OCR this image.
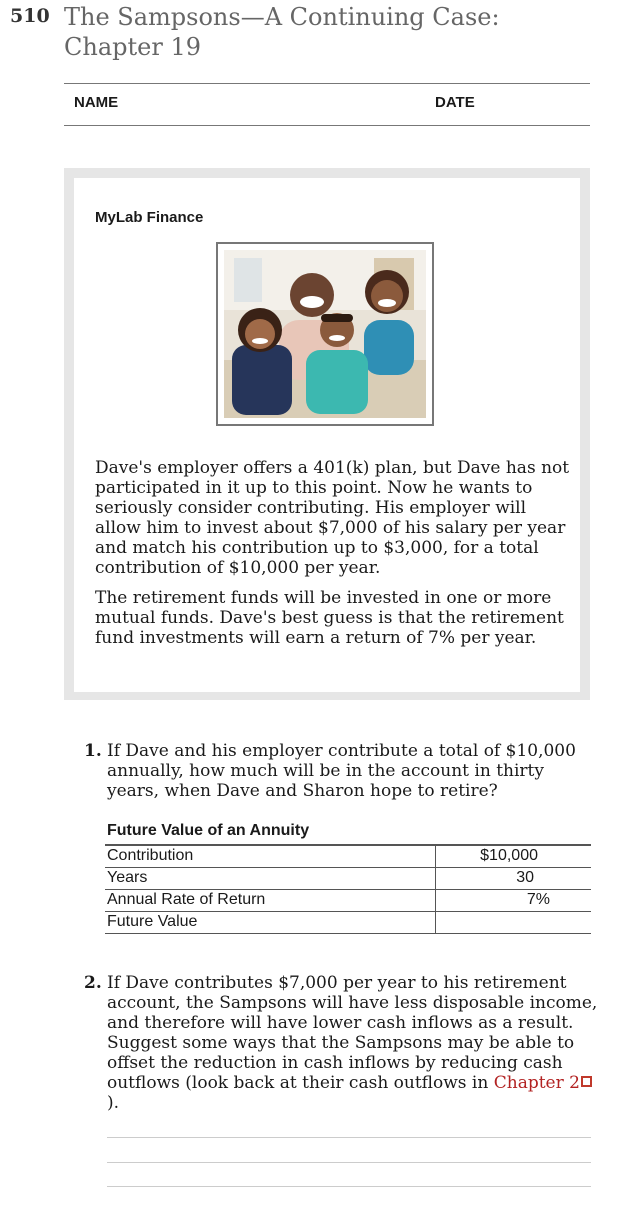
510 The Sampsons—A Continuing Case: Chapter 19
NAME	DATE
MyLab Finance
Dave's employer offers a 401(k) plan, but Dave has not participated in it up to this point. Now he wants to seriously consider contributing. His employer will allow him to invest about $7,000 of his salary per year and match his contribution up to $3,000, for a total contribution of $10,000 per year.
The retirement funds will be invested in one or more mutual funds. Dave's best guess is that the retirement fund investments will earn a return of 7% per year.
1. If Dave and his employer contribute a total of $10,000 annually, how much will be in the account in thirty years, when Dave and Sharon hope to retire?
Future Value of an Annuity
Contribution	$10,000
Years	30
Annual Rate of Return	7%
Future Value
2. If Dave contributes $7,000 per year to his retirement account, the Sampsons will have less disposable income, and therefore will have lower cash inflows as a result. Suggest some ways that the Sampsons may be able to offset the reduction in cash inflows by reducing cash outflows (look back at their cash outflows in Chapter 2).
